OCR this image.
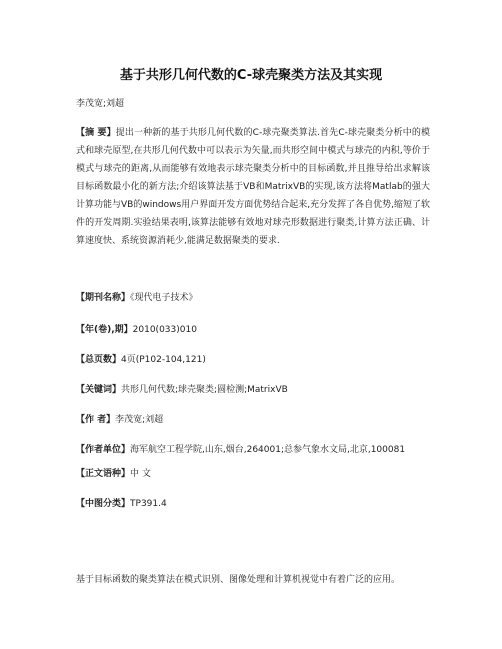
基于共形几何代数的C-球壳聚类方法及其实现
李茂宽;刘超
【摘 要】提出一种新的基于共形几何代数的C-球壳聚类算法.首先C-球壳聚类分析中的模式和球壳原型,在共形几何代数中可以表示为矢量,而共形空间中模式与球壳的内积,等价于模式与球壳的距离,从而能够有效地表示球壳聚类分析中的目标函数,并且推导给出求解该目标函数最小化的新方法;介绍该算法基于VB和MatrixVB的实现,该方法将Matlab的强大计算功能与VB的windows用户界面开发方面优势结合起来,充分发挥了各自优势,缩短了软件的开发周期.实验结果表明,该算法能够有效地对球壳形数据进行聚类,计算方法正确、计算速度快、系统资源消耗少,能满足数据聚类的要求.
【期刊名称】《现代电子技术》
【年(卷),期】2010(033)010
【总页数】4页(P102-104,121)
【关键词】共形几何代数;球壳聚类;圆检测;MatrixVB
【作 者】李茂宽;刘超
【作者单位】海军航空工程学院,山东,烟台,264001;总参气象水文局,北京,100081
【正文语种】中 文
【中图分类】TP391.4
基于目标函数的聚类算法在模式识别、图像处理和计算机视觉中有着广泛的应用。
